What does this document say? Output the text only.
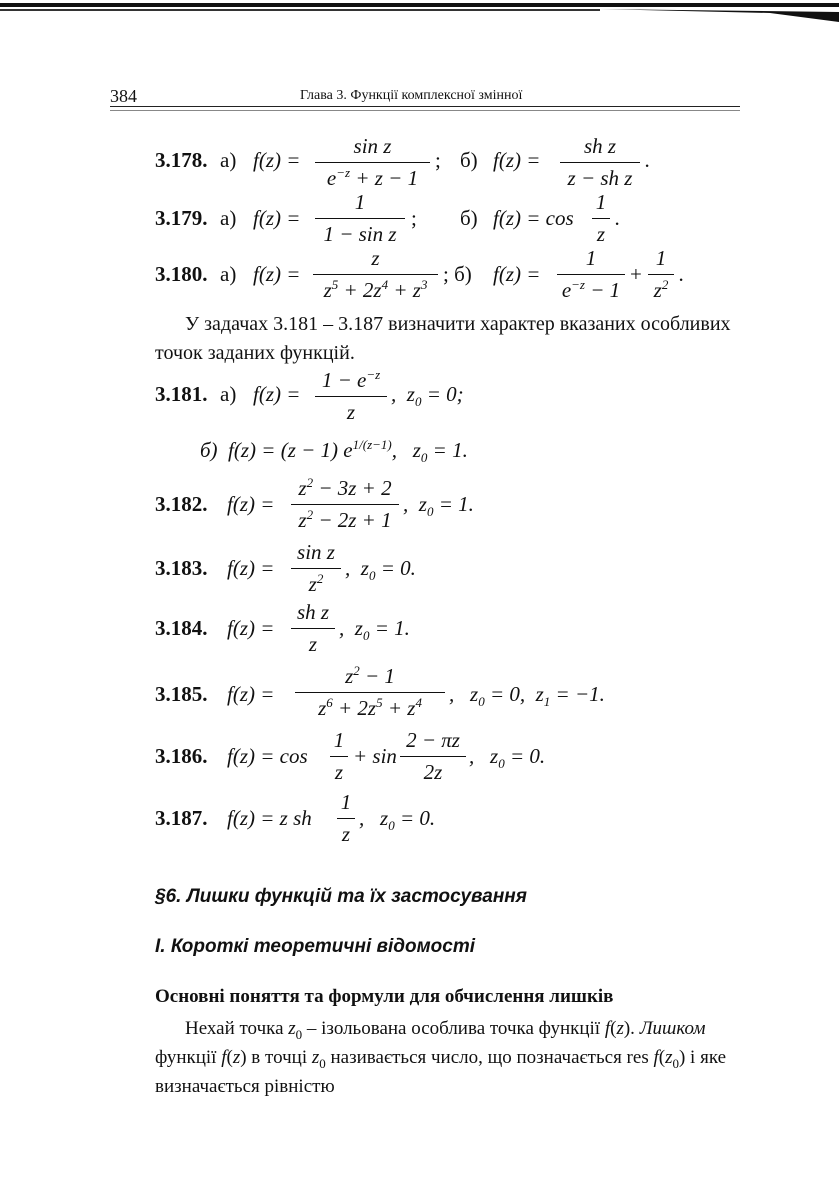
384	Глава 3. Функції комплексної змінної
3.178. а) $f(z) = \frac{\text{sin z}}{e^{-z} + z - 1}$ ; б) $f(z) = \frac{\text{sh z}}{\text{z − sh z}}$ .
3.179. а) $f(z) = \frac{1}{\text{1 − sin z}}$ ; б) $f(z) = \cos \frac{1}{z}$ .
3.180. а) $f(z) = \frac{z}{z^5 + 2z^4 + z^3}$ ; б) $f(z) = \frac{1}{e^{-z} - 1} + \frac{1}{z^2}$ .
У задачах 3.181 – 3.187 визначити характер вказаних особливих точок заданих функцій.
3.181. а) $f(z) = \frac{1 - e^{-z}}{z}$ ,  $z_0 = 0$;
б)  f(z) = (z − 1) $e^{1/(z-1)}$,   $z_0 = 1$.
3.182. $f(z) = \frac{z^2 - 3z + 2}{z^2 - 2z + 1}$ ,  $z_0 = 1$.
3.183. $f(z) = \frac{\text{sin z}}{z^2}$ ,  $z_0 = 0$.
3.184. $f(z) = \frac{\text{sh z}}{z}$ ,  $z_0 = 1$.
3.185. $f(z) = \frac{z^2 - 1}{z^6 + 2z^5 + z^4}$ ,   $z_0 = 0$,  $z_1 = -1$.
3.186. $f(z) = \cos \frac{1}{z} + \sin \frac{2 - \pi z}{2z}$ ,   $z_0 = 0$.
3.187. f(z) = z sh $\frac{1}{z}$ ,   $z_0 = 0$.
§6. Лишки функцій та їх застосування
І. Короткі теоретичні відомості
Основні поняття та формули для обчислення лишків
Нехай точка $z_0$ – ізольована особлива точка функції f(z). Лишком функції f(z) в точці $z_0$ називається число, що позначається res $f(z_0)$ і яке визначається рівністю
